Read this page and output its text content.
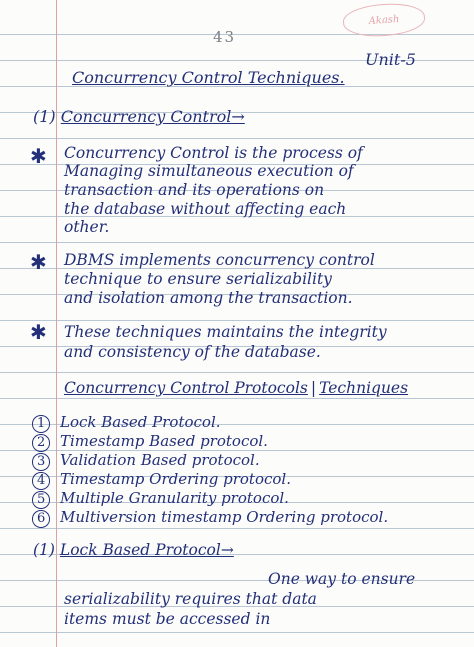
Akash
43
Unit-5
Concurrency Control Techniques.
(1) Concurrency Control→
✱ Concurrency Control is the process of
Managing simultaneous execution of
transaction and its operations on
the database without affecting each
other.
✱ DBMS implements concurrency control
technique to ensure serializability
and isolation among the transaction.
✱ These techniques maintains the integrity
and consistency of the database.
Concurrency Control Protocols | Techniques
1 Lock Based Protocol.
2 Timestamp Based protocol.
3 Validation Based protocol.
4 Timestamp Ordering protocol.
5 Multiple Granularity protocol.
6 Multiversion timestamp Ordering protocol.
(1) Lock Based Protocol→
One way to ensure
serializability requires that data
items must be accessed in
